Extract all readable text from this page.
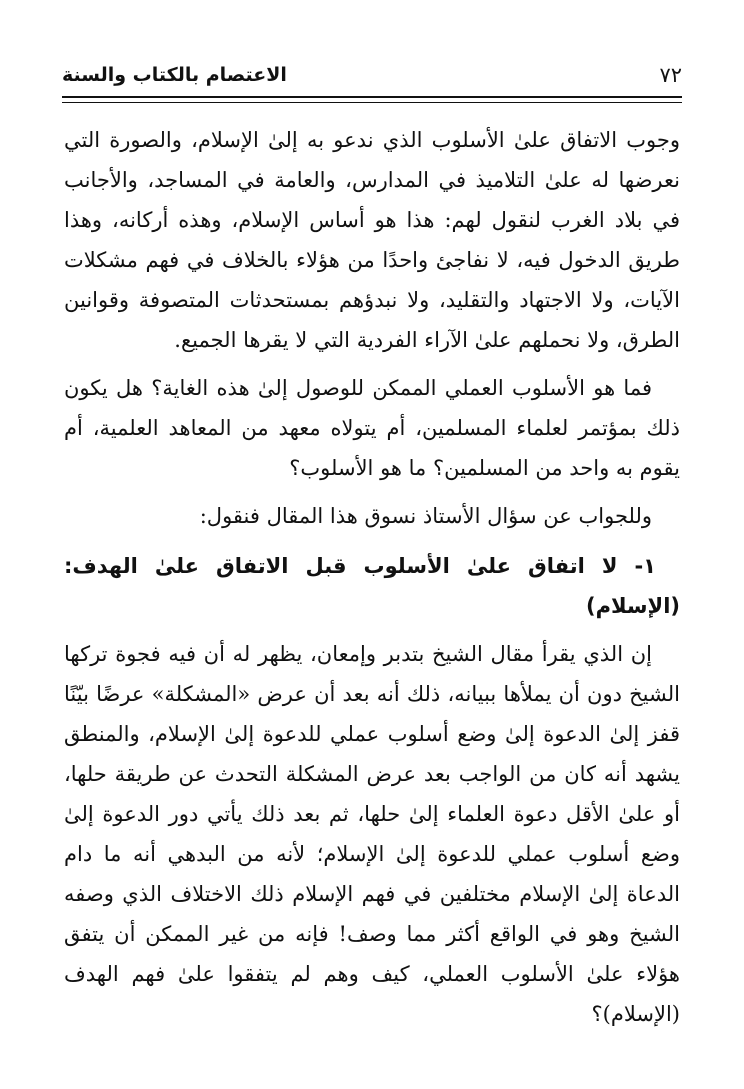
٧٢
الاعتصام بالكتاب والسنة

وجوب الاتفاق علىٰ الأسلوب الذي ندعو به إلىٰ الإسلام، والصورة التي نعرضها له علىٰ التلاميذ في المدارس، والعامة في المساجد، والأجانب في بلاد الغرب لنقول لهم: هذا هو أساس الإسلام، وهذه أركانه، وهذا طريق الدخول فيه، لا نفاجئ واحدًا من هؤلاء بالخلاف في فهم مشكلات الآيات، ولا الاجتهاد والتقليد، ولا نبدؤهم بمستحدثات المتصوفة وقوانين الطرق، ولا نحملهم علىٰ الآراء الفردية التي لا يقرها الجميع.

فما هو الأسلوب العملي الممكن للوصول إلىٰ هذه الغاية؟ هل يكون ذلك بمؤتمر لعلماء المسلمين، أم يتولاه معهد من المعاهد العلمية، أم يقوم به واحد من المسلمين؟ ما هو الأسلوب؟

وللجواب عن سؤال الأستاذ نسوق هذا المقال فنقول:

١- لا اتفاق علىٰ الأسلوب قبل الاتفاق علىٰ الهدف: (الإسلام)

إن الذي يقرأ مقال الشيخ بتدبر وإمعان، يظهر له أن فيه فجوة تركها الشيخ دون أن يملأها ببيانه، ذلك أنه بعد أن عرض «المشكلة» عرضًا بيّنًا قفز إلىٰ الدعوة إلىٰ وضع أسلوب عملي للدعوة إلىٰ الإسلام، والمنطق يشهد أنه كان من الواجب بعد عرض المشكلة التحدث عن طريقة حلها، أو علىٰ الأقل دعوة العلماء إلىٰ حلها، ثم بعد ذلك يأتي دور الدعوة إلىٰ وضع أسلوب عملي للدعوة إلىٰ الإسلام؛ لأنه من البدهي أنه ما دام الدعاة إلىٰ الإسلام مختلفين في فهم الإسلام ذلك الاختلاف الذي وصفه الشيخ وهو في الواقع أكثر مما وصف! فإنه من غير الممكن أن يتفق هؤلاء علىٰ الأسلوب العملي، كيف وهم لم يتفقوا علىٰ فهم الهدف (الإسلام)؟
